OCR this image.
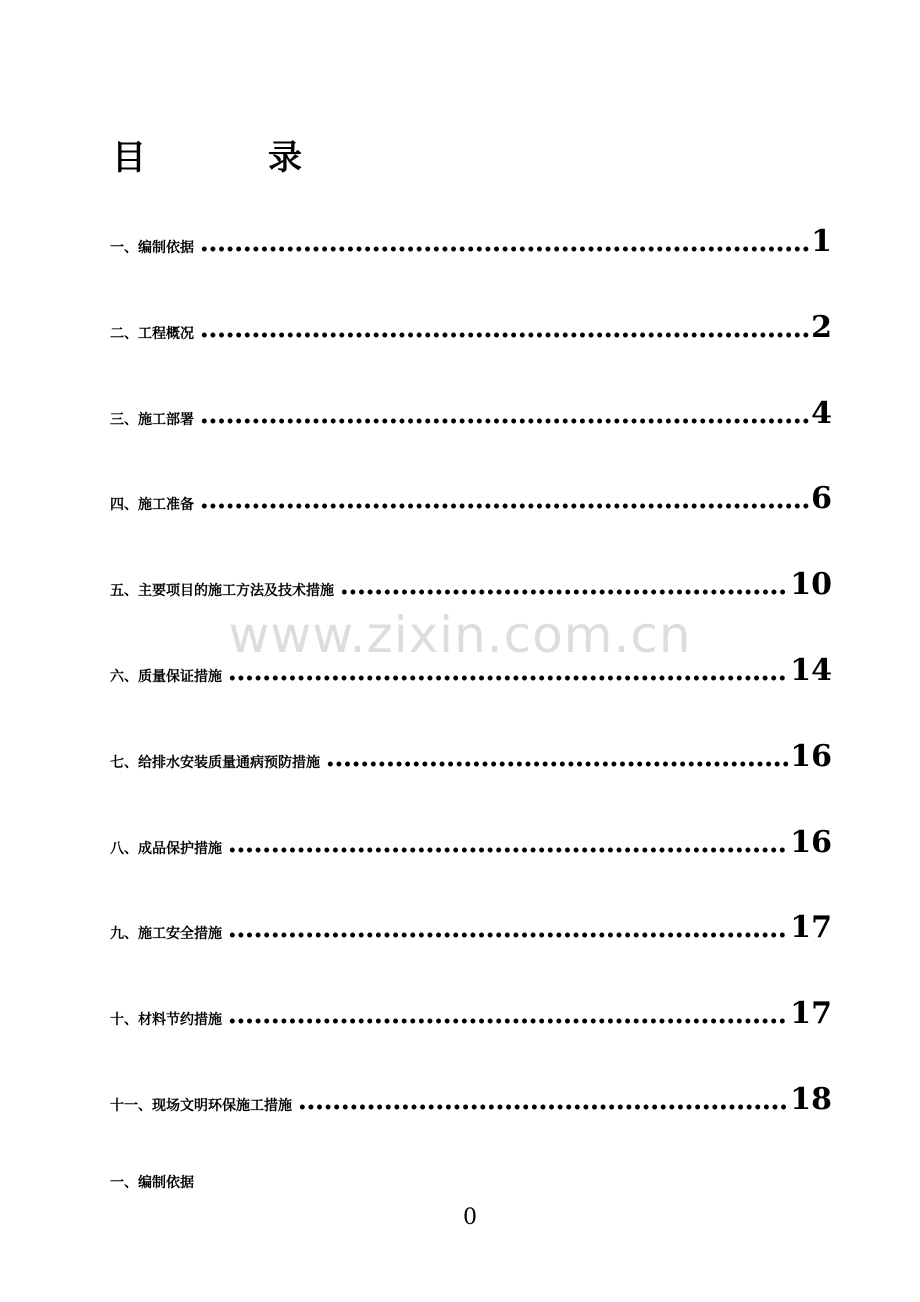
目　录
一、编制依据	1
二、工程概况	2
三、施工部署	4
四、施工准备	6
五、主要项目的施工方法及技术措施	10
六、质量保证措施	14
七、给排水安装质量通病预防措施	16
八、成品保护措施	16
九、施工安全措施	17
十、材料节约措施	17
十一、现场文明环保施工措施	18
www.zixin.com.cn
一、编制依据
0
